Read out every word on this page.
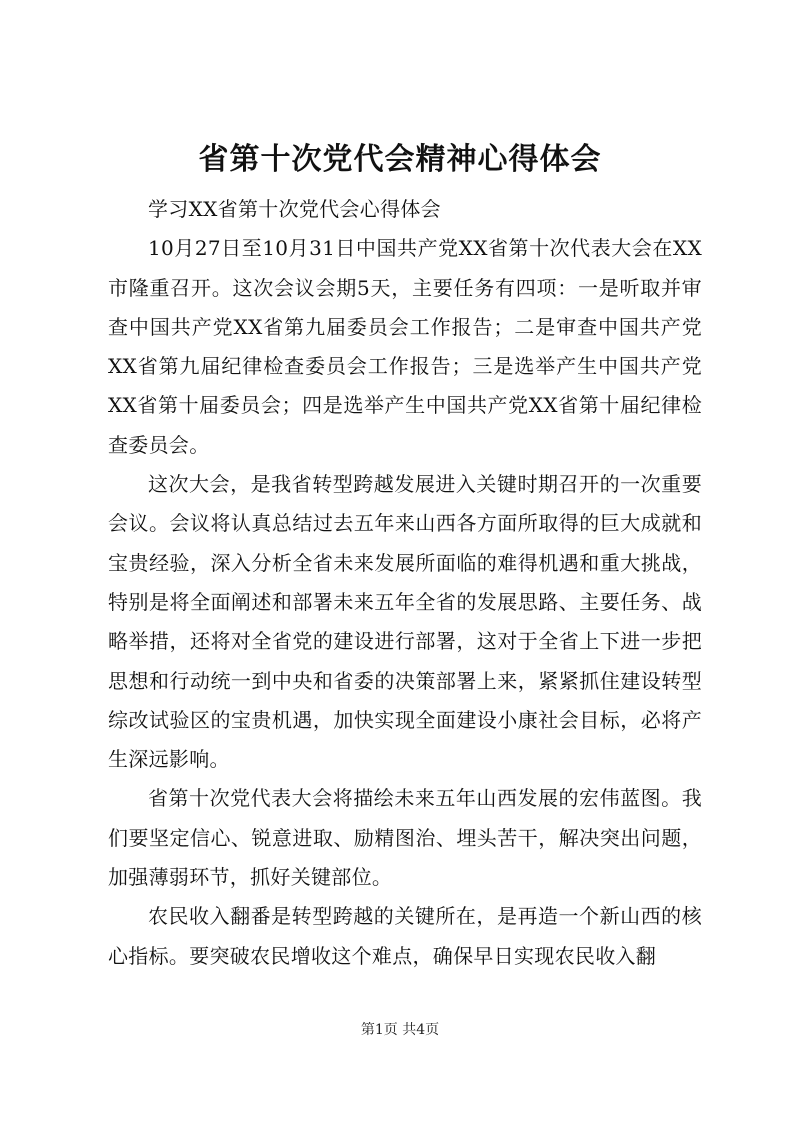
省第十次党代会精神心得体会

学习XX省第十次党代会心得体会

10月27日至10月31日中国共产党XX省第十次代表大会在XX市隆重召开。这次会议会期5天，主要任务有四项：一是听取并审查中国共产党XX省第九届委员会工作报告；二是审查中国共产党XX省第九届纪律检查委员会工作报告；三是选举产生中国共产党XX省第十届委员会；四是选举产生中国共产党XX省第十届纪律检查委员会。

这次大会，是我省转型跨越发展进入关键时期召开的一次重要会议。会议将认真总结过去五年来山西各方面所取得的巨大成就和宝贵经验，深入分析全省未来发展所面临的难得机遇和重大挑战，特别是将全面阐述和部署未来五年全省的发展思路、主要任务、战略举措，还将对全省党的建设进行部署，这对于全省上下进一步把思想和行动统一到中央和省委的决策部署上来，紧紧抓住建设转型综改试验区的宝贵机遇，加快实现全面建设小康社会目标，必将产生深远影响。

省第十次党代表大会将描绘未来五年山西发展的宏伟蓝图。我们要坚定信心、锐意进取、励精图治、埋头苦干，解决突出问题，加强薄弱环节，抓好关键部位。

农民收入翻番是转型跨越的关键所在，是再造一个新山西的核心指标。要突破农民增收这个难点，确保早日实现农民收入翻

第1页 共4页
